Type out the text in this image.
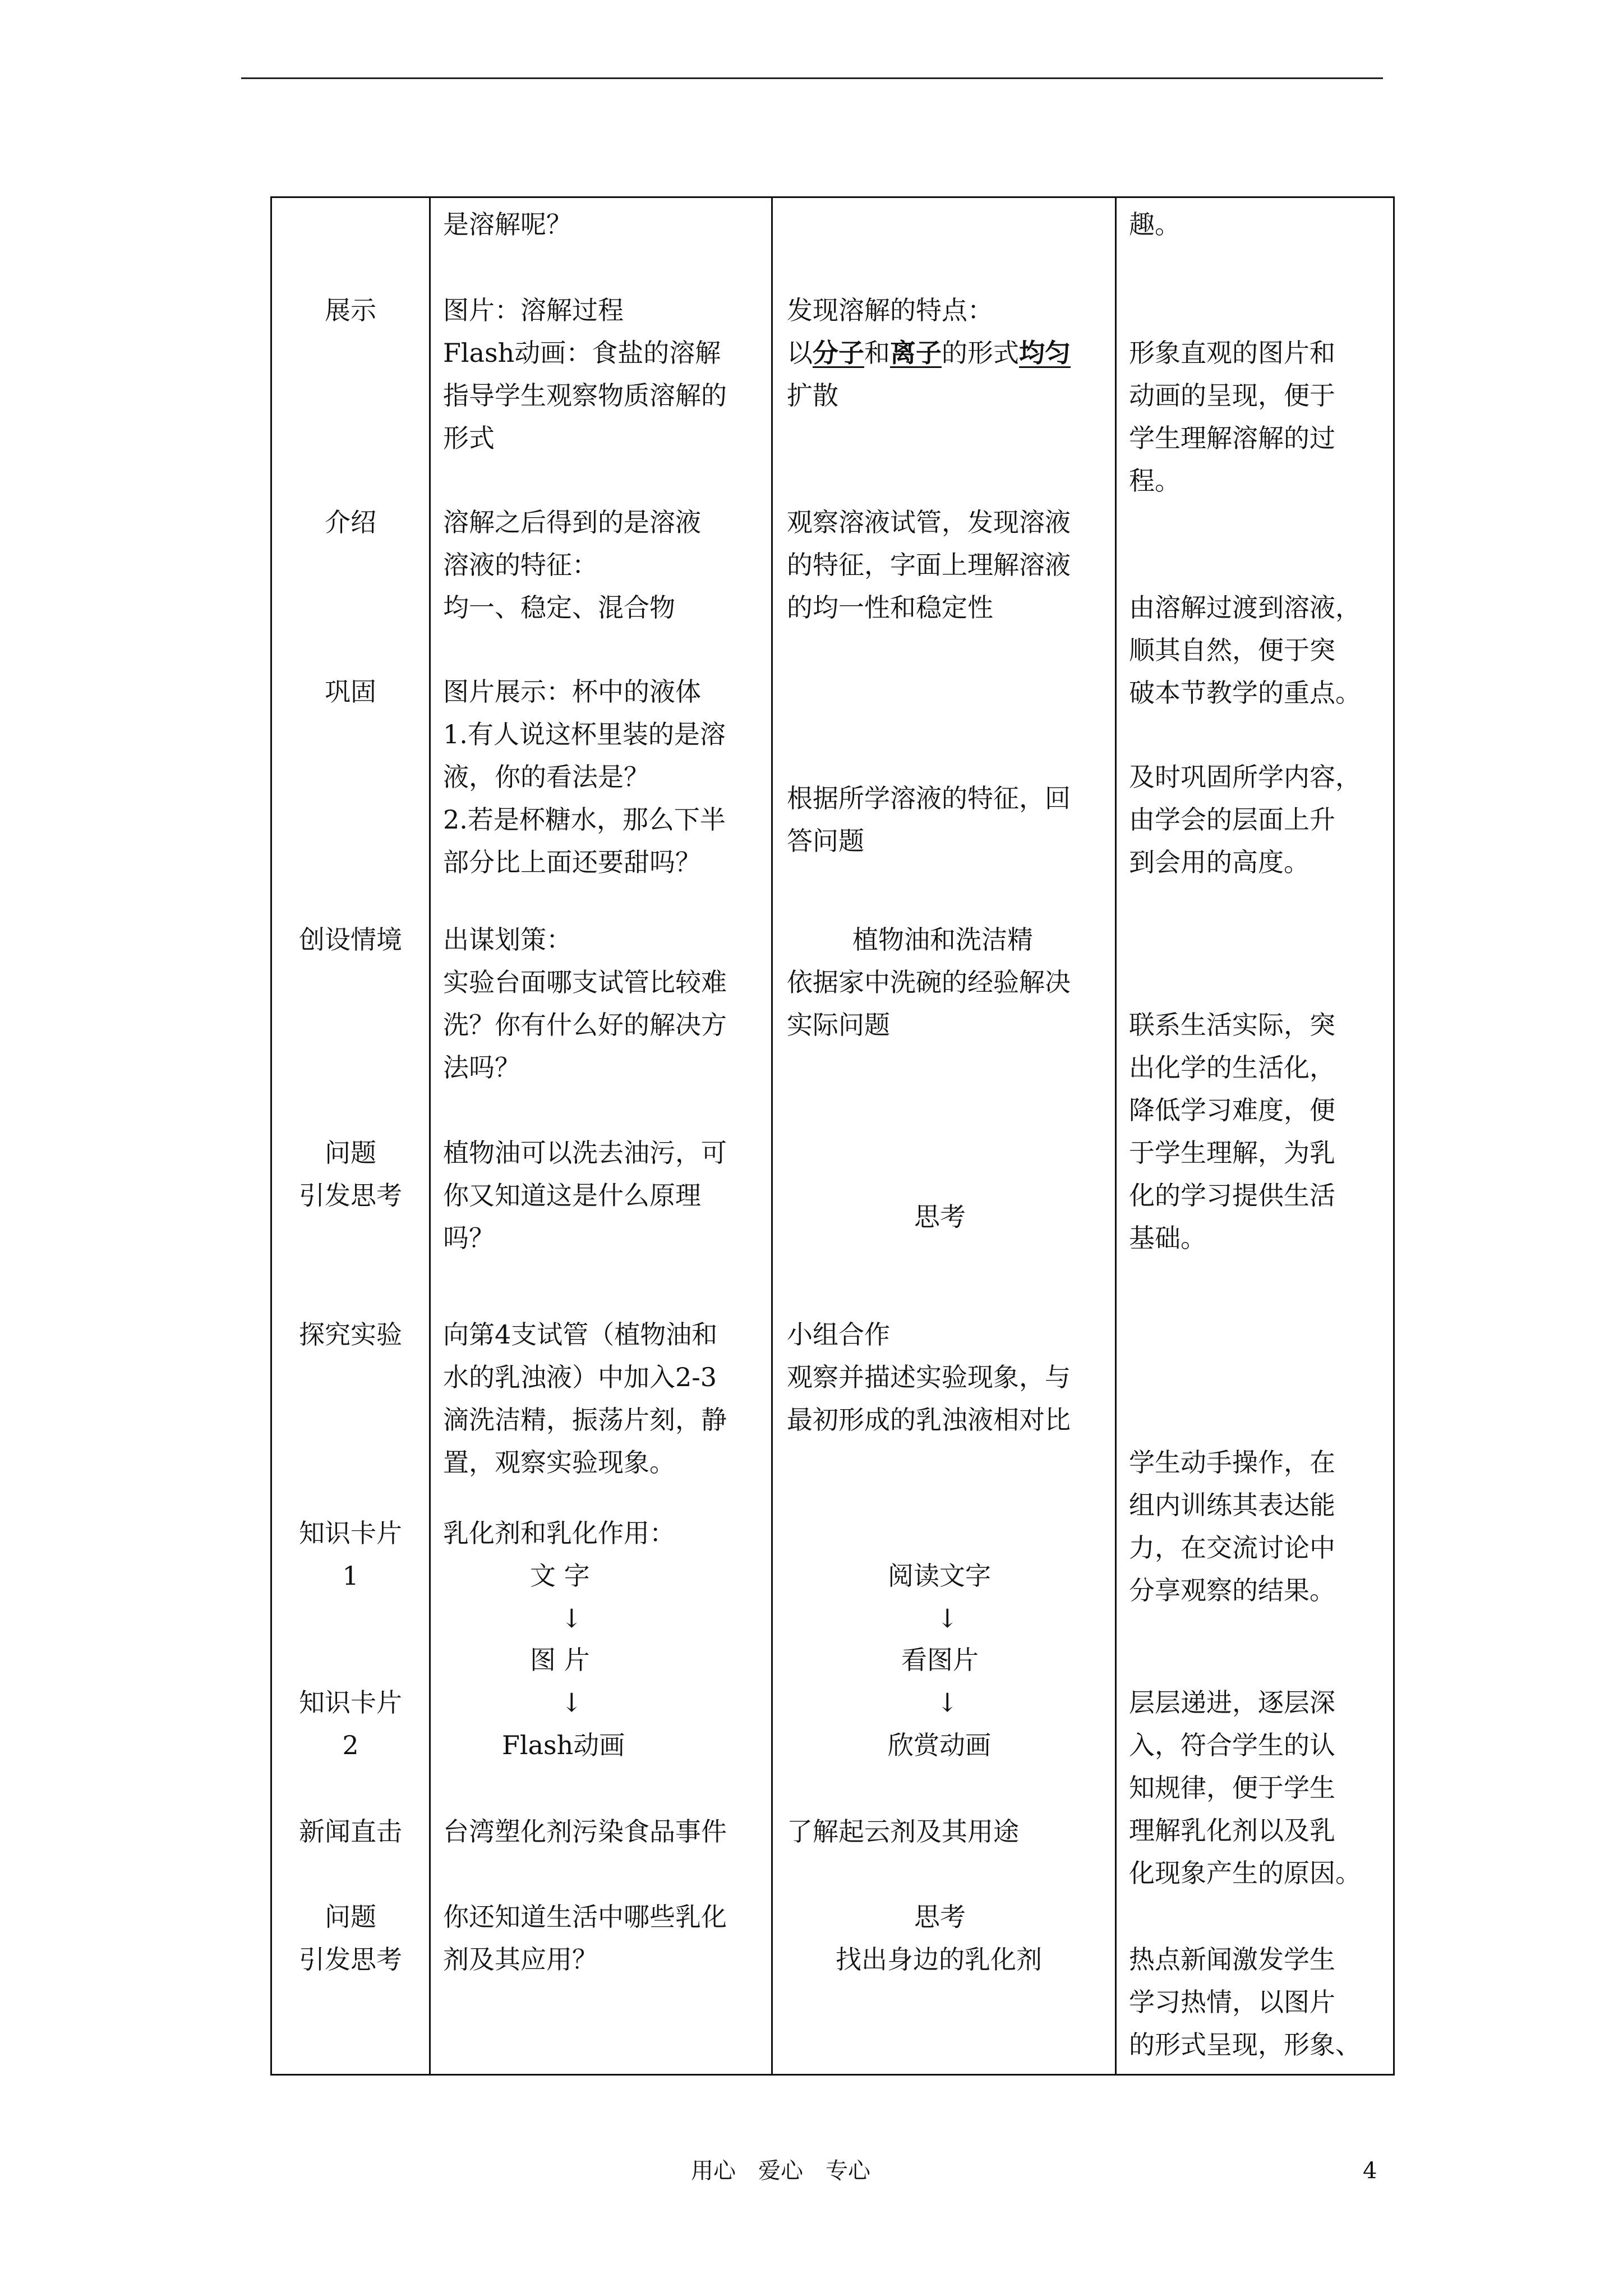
展示
介绍
巩固
创设情境
问题
引发思考
探究实验
知识卡片
1
知识卡片
2
新闻直击
问题
引发思考
是溶解呢？
图片：溶解过程
Flash动画：食盐的溶解
指导学生观察物质溶解的
形式
溶解之后得到的是溶液
溶液的特征：
均一、稳定、混合物
图片展示：杯中的液体
1.有人说这杯里装的是溶
液，你的看法是？
2.若是杯糖水，那么下半
部分比上面还要甜吗？
出谋划策：
实验台面哪支试管比较难
洗？你有什么好的解决方
法吗？
植物油可以洗去油污，可
你又知道这是什么原理
吗？
向第4支试管（植物油和
水的乳浊液）中加入2-3
滴洗洁精，振荡片刻，静
置，观察实验现象。
乳化剂和乳化作用：
文 字
↓
图 片
↓
Flash动画
台湾塑化剂污染食品事件
你还知道生活中哪些乳化
剂及其应用？
发现溶解的特点：
以分子和离子的形式均匀
扩散
观察溶液试管，发现溶液
的特征，字面上理解溶液
的均一性和稳定性
根据所学溶液的特征，回
答问题
植物油和洗洁精
依据家中洗碗的经验解决
实际问题
思考
小组合作
观察并描述实验现象，与
最初形成的乳浊液相对比
阅读文字
↓
看图片
↓
欣赏动画
了解起云剂及其用途
思考
找出身边的乳化剂
趣。
形象直观的图片和
动画的呈现，便于
学生理解溶解的过
程。
由溶解过渡到溶液，
顺其自然，便于突
破本节教学的重点。
及时巩固所学内容，
由学会的层面上升
到会用的高度。
联系生活实际，突
出化学的生活化，
降低学习难度，便
于学生理解，为乳
化的学习提供生活
基础。
学生动手操作，在
组内训练其表达能
力，在交流讨论中
分享观察的结果。
层层递进，逐层深
入，符合学生的认
知规律，便于学生
理解乳化剂以及乳
化现象产生的原因。
热点新闻激发学生
学习热情，以图片
的形式呈现，形象、
用心　爱心　专心	4
